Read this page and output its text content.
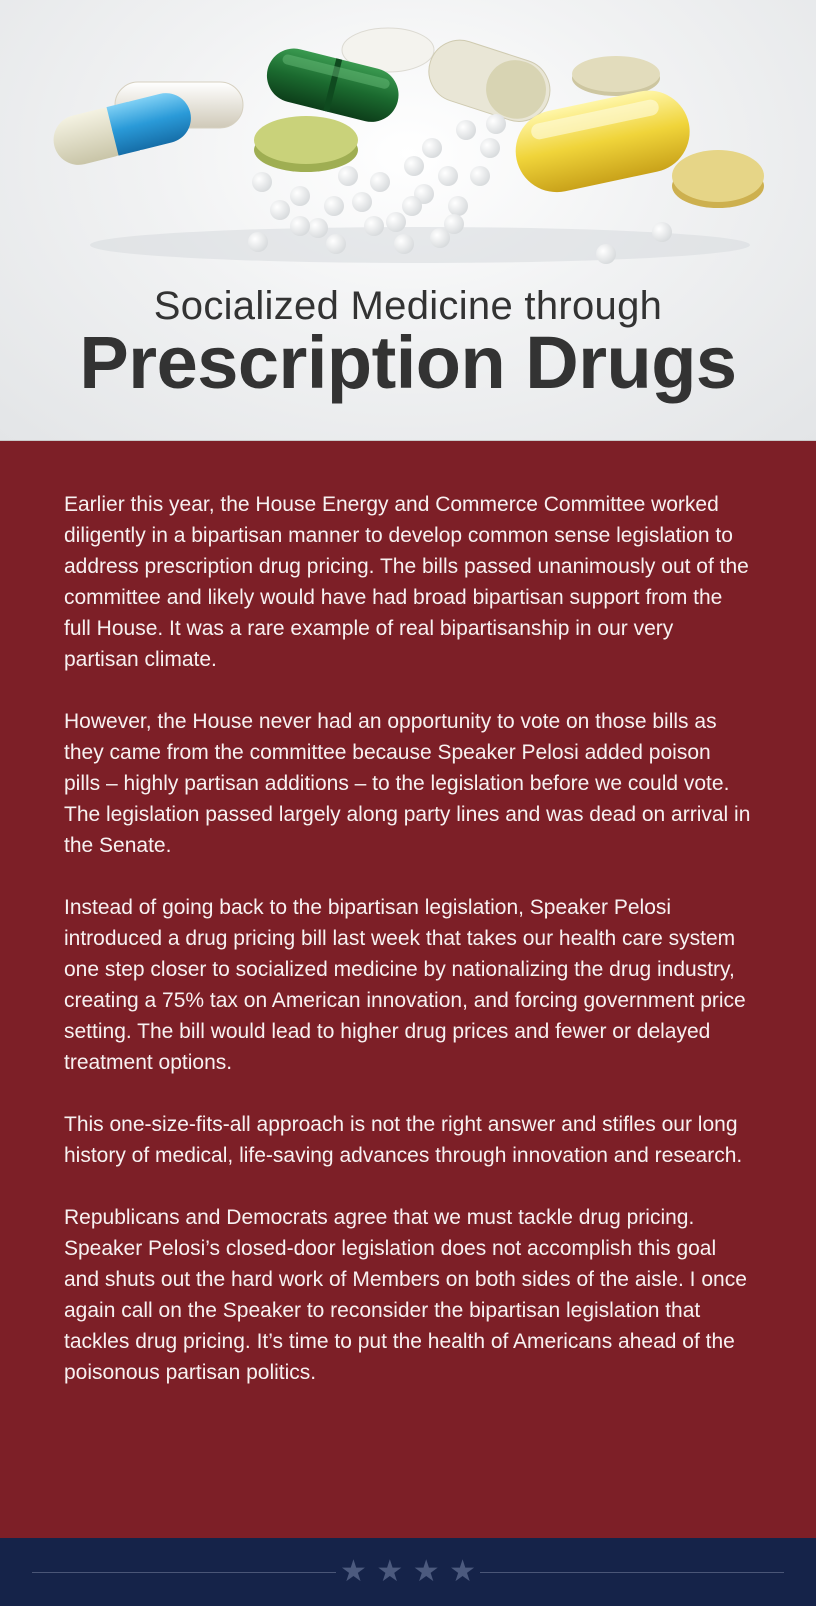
Socialized Medicine through
Prescription Drugs

Earlier this year, the House Energy and Commerce Committee worked diligently in a bipartisan manner to develop common sense legislation to address prescription drug pricing. The bills passed unanimously out of the committee and likely would have had broad bipartisan support from the full House. It was a rare example of real bipartisanship in our very partisan climate.

However, the House never had an opportunity to vote on those bills as they came from the committee because Speaker Pelosi added poison pills – highly partisan additions – to the legislation before we could vote. The legislation passed largely along party lines and was dead on arrival in the Senate.

Instead of going back to the bipartisan legislation, Speaker Pelosi introduced a drug pricing bill last week that takes our health care system one step closer to socialized medicine by nationalizing the drug industry, creating a 75% tax on American innovation, and forcing government price setting. The bill would lead to higher drug prices and fewer or delayed treatment options.

This one-size-fits-all approach is not the right answer and stifles our long history of medical, life-saving advances through innovation and research.

Republicans and Democrats agree that we must tackle drug pricing. Speaker Pelosi’s closed-door legislation does not accomplish this goal and shuts out the hard work of Members on both sides of the aisle. I once again call on the Speaker to reconsider the bipartisan legislation that tackles drug pricing. It’s time to put the health of Americans ahead of the poisonous partisan politics.

★ ★ ★ ★
